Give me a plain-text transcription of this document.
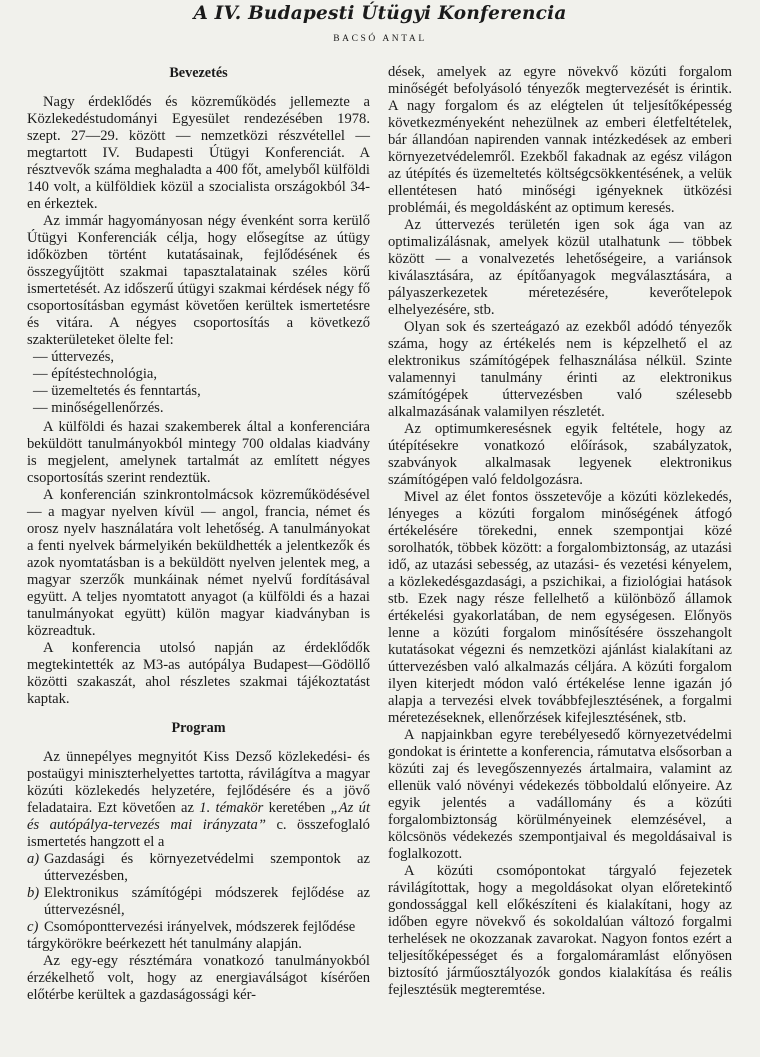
A IV. Budapesti Útügyi Konferencia
BACSÓ ANTAL
Bevezetés

Nagy érdeklődés és közreműködés jellemezte a Közlekedéstudományi Egyesület rendezésében 1978. szept. 27—29. között — nemzetközi részvétellel — megtartott IV. Budapesti Útügyi Konferenciát. A résztvevők száma meghaladta a 400 főt, amelyből külföldi 140 volt, a külföldiek közül a szocialista országokból 34-en érkeztek.

Az immár hagyományosan négy évenként sorra kerülő Útügyi Konferenciák célja, hogy elősegítse az útügy időközben történt kutatásainak, fejlődésének és összegyűjtött szakmai tapasztalatainak széles körű ismertetését. Az időszerű útügyi szakmai kérdések négy fő csoportosításban egymást követően kerültek ismertetésre és vitára. A négyes csoportosítás a következő szakterületeket ölelte fel:

— úttervezés,

— építéstechnológia,

— üzemeltetés és fenntartás,

— minőségellenőrzés.

A külföldi és hazai szakemberek által a konferenciára beküldött tanulmányokból mintegy 700 oldalas kiadvány is megjelent, amelynek tartalmát az említett négyes csoportosítás szerint rendeztük.

A konferencián szinkrontolmácsok közreműködésével — a magyar nyelven kívül — angol, francia, német és orosz nyelv használatára volt lehetőség. A tanulmányokat a fenti nyelvek bármelyikén beküldhették a jelentkezők és azok nyomtatásban is a beküldött nyelven jelentek meg, a magyar szerzők munkáinak német nyelvű fordításával együtt. A teljes nyomtatott anyagot (a külföldi és a hazai tanulmányokat együtt) külön magyar kiadványban is közreadtuk.

A konferencia utolsó napján az érdeklődők megtekintették az M3-as autópálya Budapest—Gödöllő közötti szakaszát, ahol részletes szakmai tájékoztatást kaptak.

Program

Az ünnepélyes megnyitót Kiss Dezső közlekedési- és postaügyi miniszterhelyettes tartotta, rávilágítva a magyar közúti közlekedés helyzetére, fejlődésére és a jövő feladataira. Ezt követően az 1. témakör keretében „Az út és autópálya-tervezés mai irányzata” c. összefoglaló ismertetés hangzott el a

a) Gazdasági és környezetvédelmi szempontok az úttervezésben,
b) Elektronikus számítógépi módszerek fejlődése az úttervezésnél,
c) Csomóponttervezési irányelvek, módszerek fejlődése

tárgykörökre beérkezett hét tanulmány alapján.

Az egy-egy résztémára vonatkozó tanulmányokból érzékelhető volt, hogy az energiaválságot kísérően előtérbe kerültek a gazdaságossági kér-

dések, amelyek az egyre növekvő közúti forgalom minőségét befolyásoló tényezők megtervezését is érintik. A nagy forgalom és az elégtelen út teljesítőképesség következményeként nehezülnek az emberi életfeltételek, bár állandóan napirenden vannak intézkedések az emberi környezetvédelemről. Ezekből fakadnak az egész világon az útépítés és üzemeltetés költségcsökkentésének, a velük ellentétesen ható minőségi igényeknek ütközési problémái, és megoldásként az optimum keresés.

Az úttervezés területén igen sok ága van az optimalizálásnak, amelyek közül utalhatunk — többek között — a vonalvezetés lehetőségeire, a variánsok kiválasztására, az építőanyagok megválasztására, a pályaszerkezetek méretezésére, keverőtelepok elhelyezésére, stb.

Olyan sok és szerteágazó az ezekből adódó tényezők száma, hogy az értékelés nem is képzelhető el az elektronikus számítógépek felhasználása nélkül. Szinte valamennyi tanulmány érinti az elektronikus számítógépek úttervezésben való szélesebb alkalmazásának valamilyen részletét.

Az optimumkeresésnek egyik feltétele, hogy az útépítésekre vonatkozó előírások, szabályzatok, szabványok alkalmasak legyenek elektronikus számítógépen való feldolgozásra.

Mivel az élet fontos összetevője a közúti közlekedés, lényeges a közúti forgalom minőségének átfogó értékelésére törekedni, ennek szempontjai közé sorolhatók, többek között: a forgalombiztonság, az utazási idő, az utazási sebesség, az utazási- és vezetési kényelem, a közlekedésgazdasági, a pszichikai, a fiziológiai hatások stb. Ezek nagy része fellelhető a különböző államok értékelési gyakorlatában, de nem egységesen. Előnyös lenne a közúti forgalom minősítésére összehangolt kutatásokat végezni és nemzetközi ajánlást kialakítani az úttervezésben való alkalmazás céljára. A közúti forgalom ilyen kiterjedt módon való értékelése lenne igazán jó alapja a tervezési elvek továbbfejlesztésének, a forgalmi méretezéseknek, ellenőrzések kifejlesztésének, stb.

A napjainkban egyre terebélyesedő környezetvédelmi gondokat is érintette a konferencia, rámutatva elsősorban a közúti zaj és levegőszennyezés ártalmaira, valamint az ellenük való növényi védekezés többoldalú előnyeire. Az egyik jelentés a vadállomány és a közúti forgalombiztonság körülményeinek elemzésével, a kölcsönös védekezés szempontjaival és megoldásaival is foglalkozott.

A közúti csomópontokat tárgyaló fejezetek rávilágítottak, hogy a megoldásokat olyan előretekintő gondossággal kell előkészíteni és kialakítani, hogy az időben egyre növekvő és sokoldalúan változó forgalmi terhelések ne okozzanak zavarokat. Nagyon fontos ezért a teljesítőképességet és a forgalomáramlást előnyösen biztosító járműosztályozók gondos kialakítása és reális fejlesztésük megteremtése.
